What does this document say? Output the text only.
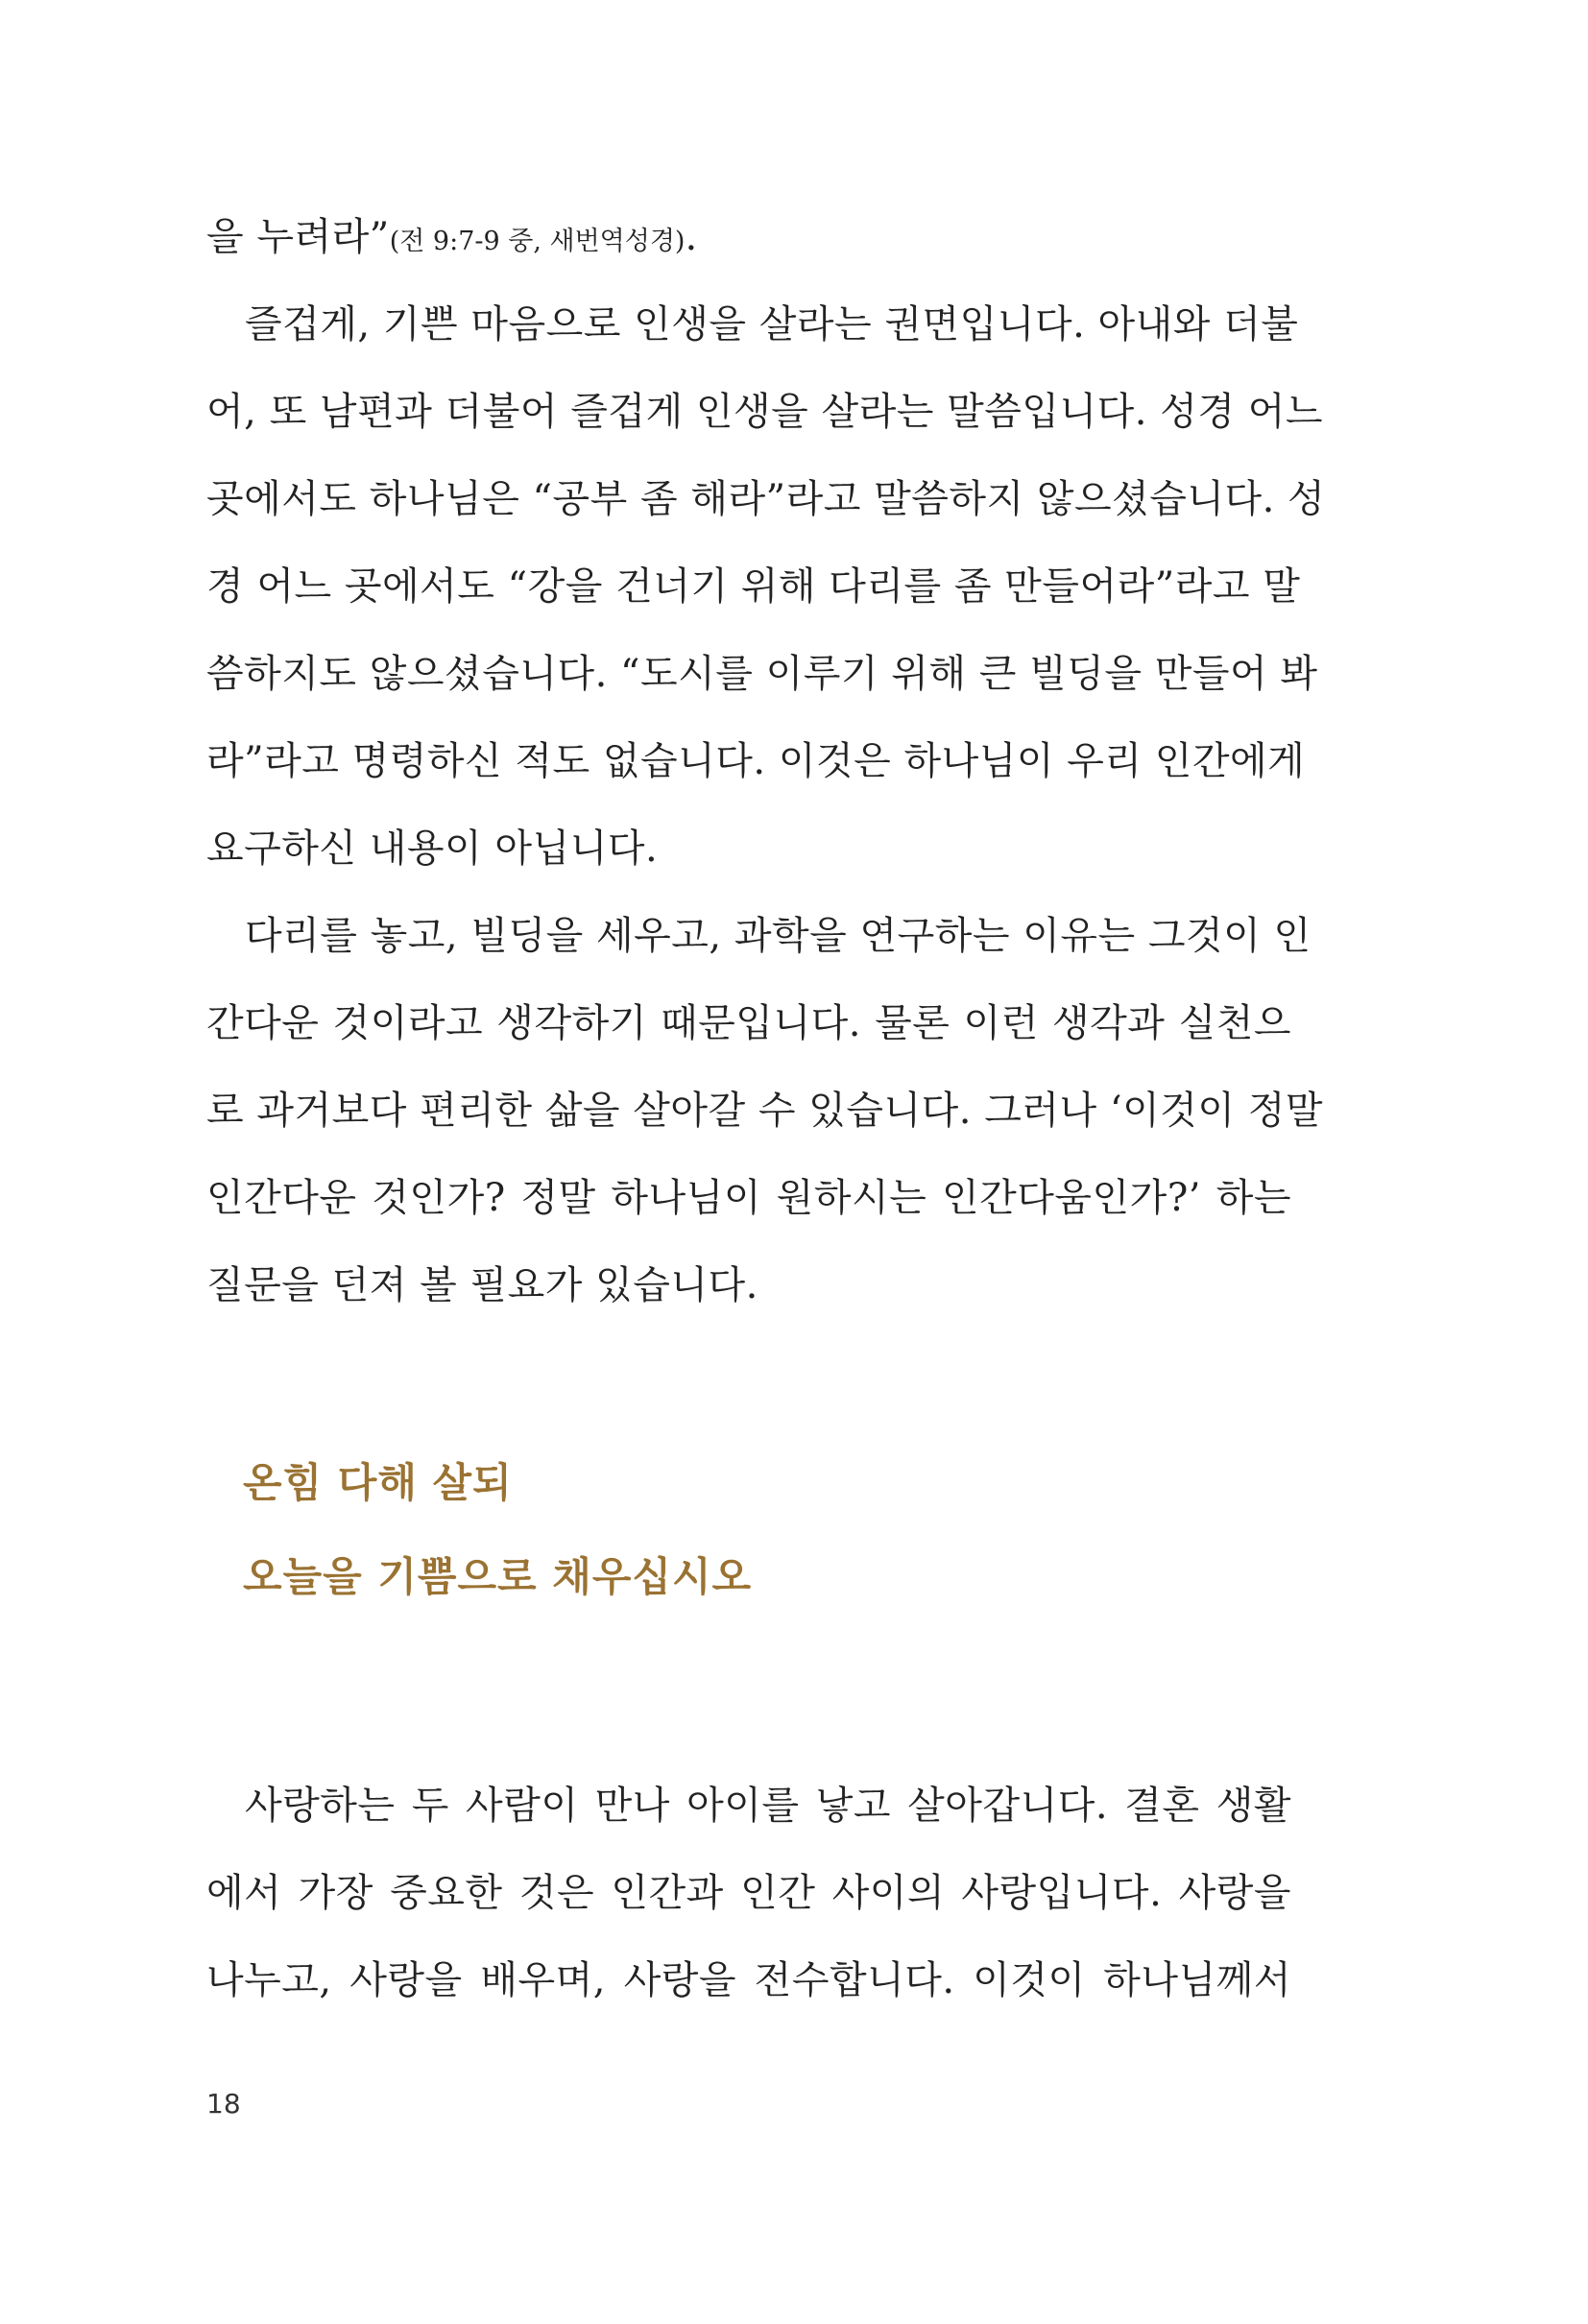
을 누려라”(전 9:7-9 중, 새번역성경).
즐겁게, 기쁜 마음으로 인생을 살라는 권면입니다. 아내와 더불
어, 또 남편과 더불어 즐겁게 인생을 살라는 말씀입니다. 성경 어느
곳에서도 하나님은 “공부 좀 해라”라고 말씀하지 않으셨습니다. 성
경 어느 곳에서도 “강을 건너기 위해 다리를 좀 만들어라”라고 말
씀하지도 않으셨습니다. “도시를 이루기 위해 큰 빌딩을 만들어 봐
라”라고 명령하신 적도 없습니다. 이것은 하나님이 우리 인간에게
요구하신 내용이 아닙니다.
다리를 놓고, 빌딩을 세우고, 과학을 연구하는 이유는 그것이 인
간다운 것이라고 생각하기 때문입니다. 물론 이런 생각과 실천으
로 과거보다 편리한 삶을 살아갈 수 있습니다. 그러나 ‘이것이 정말
인간다운 것인가? 정말 하나님이 원하시는 인간다움인가?’ 하는
질문을 던져 볼 필요가 있습니다.
온힘 다해 살되
오늘을 기쁨으로 채우십시오
사랑하는 두 사람이 만나 아이를 낳고 살아갑니다. 결혼 생활
에서 가장 중요한 것은 인간과 인간 사이의 사랑입니다. 사랑을
나누고, 사랑을 배우며, 사랑을 전수합니다. 이것이 하나님께서
18
